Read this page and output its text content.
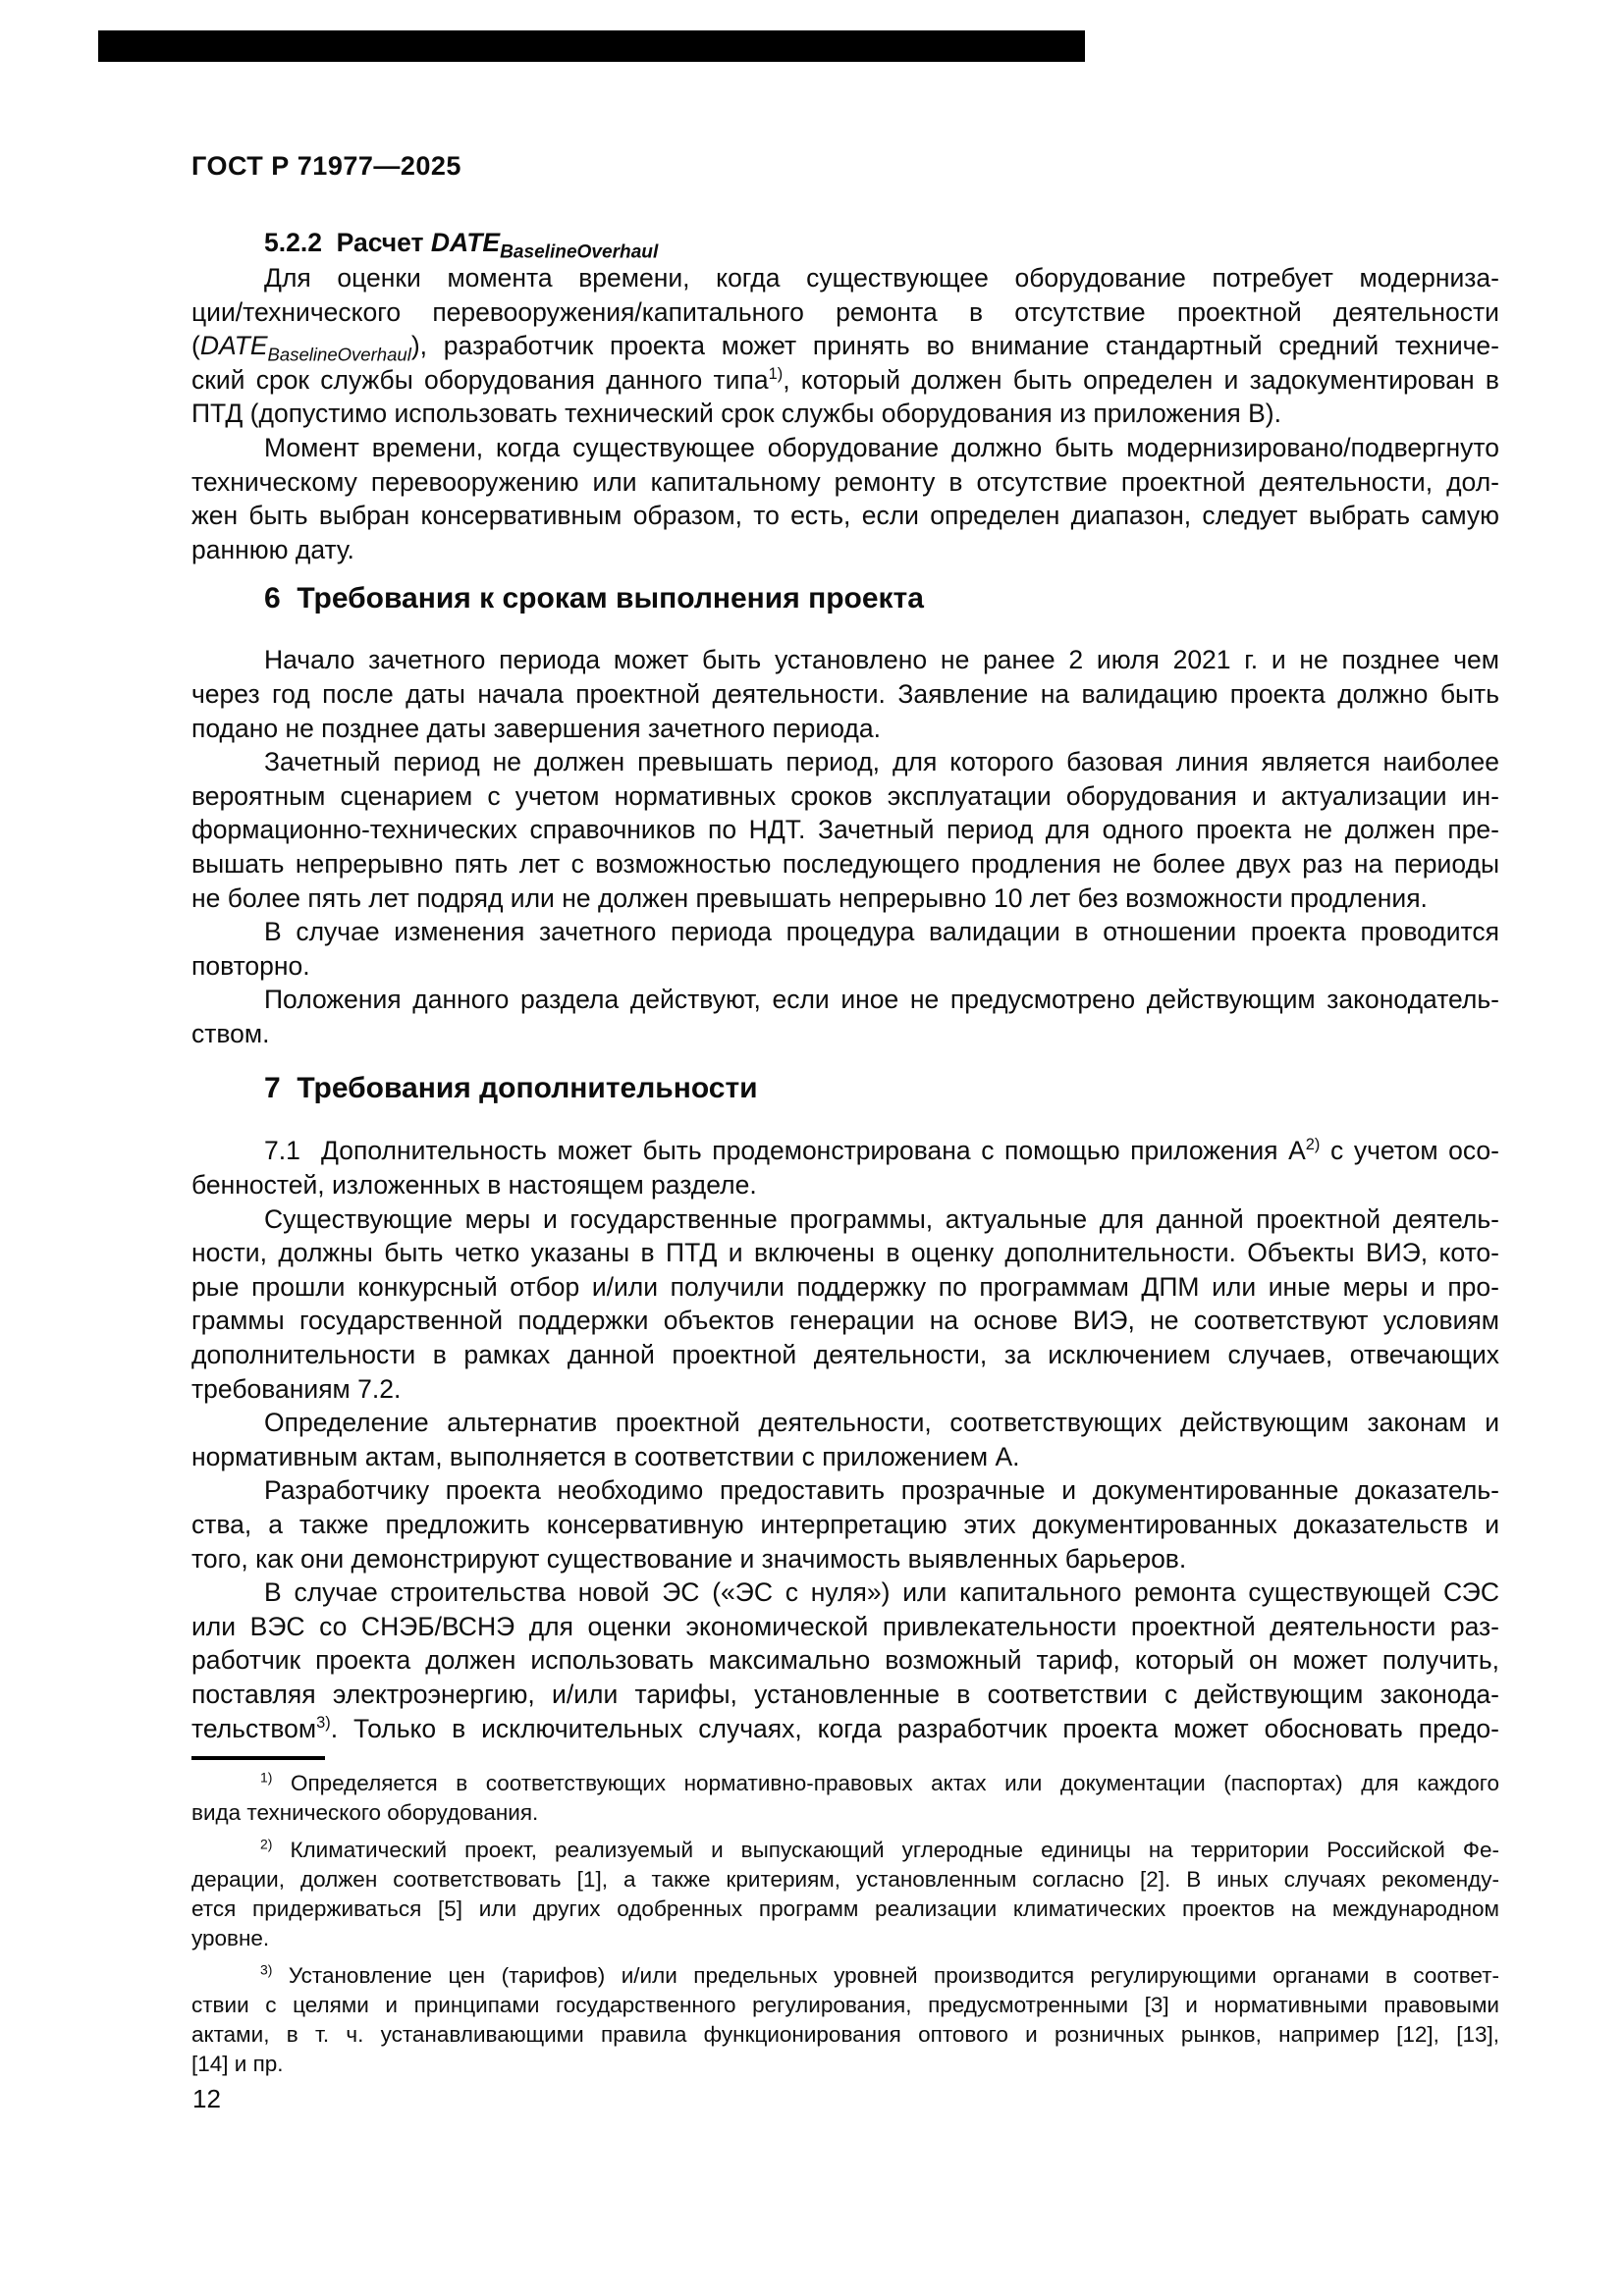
ГОСТ Р 71977—2025
5.2.2  Расчет $DATE_{BaselineOverhaul}$
Для оценки момента времени, когда существующее оборудование потребует модерниза-
ции/технического перевооружения/капитального ремонта в отсутствие проектной деятельности
$(DATE_{BaselineOverhaul})$, разработчик проекта может принять во внимание стандартный средний техниче-
ский срок службы оборудования данного типа$^{1)}$, который должен быть определен и задокументирован в
ПТД (допустимо использовать технический срок службы оборудования из приложения В).
Момент времени, когда существующее оборудование должно быть модернизировано/подвергнуто
техническому перевооружению или капитальному ремонту в отсутствие проектной деятельности, дол-
жен быть выбран консервативным образом, то есть, если определен диапазон, следует выбрать самую
раннюю дату.
6  Требования к срокам выполнения проекта
Начало зачетного периода может быть установлено не ранее 2 июля 2021 г. и не позднее чем
через год после даты начала проектной деятельности. Заявление на валидацию проекта должно быть
подано не позднее даты завершения зачетного периода.
Зачетный период не должен превышать период, для которого базовая линия является наиболее
вероятным сценарием с учетом нормативных сроков эксплуатации оборудования и актуализации ин-
формационно-технических справочников по НДТ. Зачетный период для одного проекта не должен пре-
вышать непрерывно пять лет с возможностью последующего продления не более двух раз на периоды
не более пять лет подряд или не должен превышать непрерывно 10 лет без возможности продления.
В случае изменения зачетного периода процедура валидации в отношении проекта проводится
повторно.
Положения данного раздела действуют, если иное не предусмотрено действующим законодатель-
ством.
7  Требования дополнительности
7.1  Дополнительность может быть продемонстрирована с помощью приложения $А^{2)}$ с учетом осо-
бенностей, изложенных в настоящем разделе.
Существующие меры и государственные программы, актуальные для данной проектной деятель-
ности, должны быть четко указаны в ПТД и включены в оценку дополнительности. Объекты ВИЭ, кото-
рые прошли конкурсный отбор и/или получили поддержку по программам ДПМ или иные меры и про-
граммы государственной поддержки объектов генерации на основе ВИЭ, не соответствуют условиям
дополнительности в рамках данной проектной деятельности, за исключением случаев, отвечающих
требованиям 7.2.
Определение альтернатив проектной деятельности, соответствующих действующим законам и
нормативным актам, выполняется в соответствии с приложением А.
Разработчику проекта необходимо предоставить прозрачные и документированные доказатель-
ства, а также предложить консервативную интерпретацию этих документированных доказательств и
того, как они демонстрируют существование и значимость выявленных барьеров.
В случае строительства новой ЭС («ЭС с нуля») или капитального ремонта существующей СЭС
или ВЭС со СНЭБ/ВСНЭ для оценки экономической привлекательности проектной деятельности раз-
работчик проекта должен использовать максимально возможный тариф, который он может получить,
поставляя электроэнергию, и/или тарифы, установленные в соответствии с действующим законода-
тельством$^{3)}$. Только в исключительных случаях, когда разработчик проекта может обосновать предо-
$^{1)}$ Определяется в соответствующих нормативно-правовых актах или документации (паспортах) для каждого
вида технического оборудования.
$^{2)}$ Климатический проект, реализуемый и выпускающий углеродные единицы на территории Российской Фе-
дерации, должен соответствовать [1], а также критериям, установленным согласно [2]. В иных случаях рекоменду-
ется придерживаться [5] или других одобренных программ реализации климатических проектов на международном
уровне.
$^{3)}$ Установление цен (тарифов) и/или предельных уровней производится регулирующими органами в соответ-
ствии с целями и принципами государственного регулирования, предусмотренными [3] и нормативными правовыми
актами, в т. ч. устанавливающими правила функционирования оптового и розничных рынков, например [12], [13],
[14] и пр.
12
